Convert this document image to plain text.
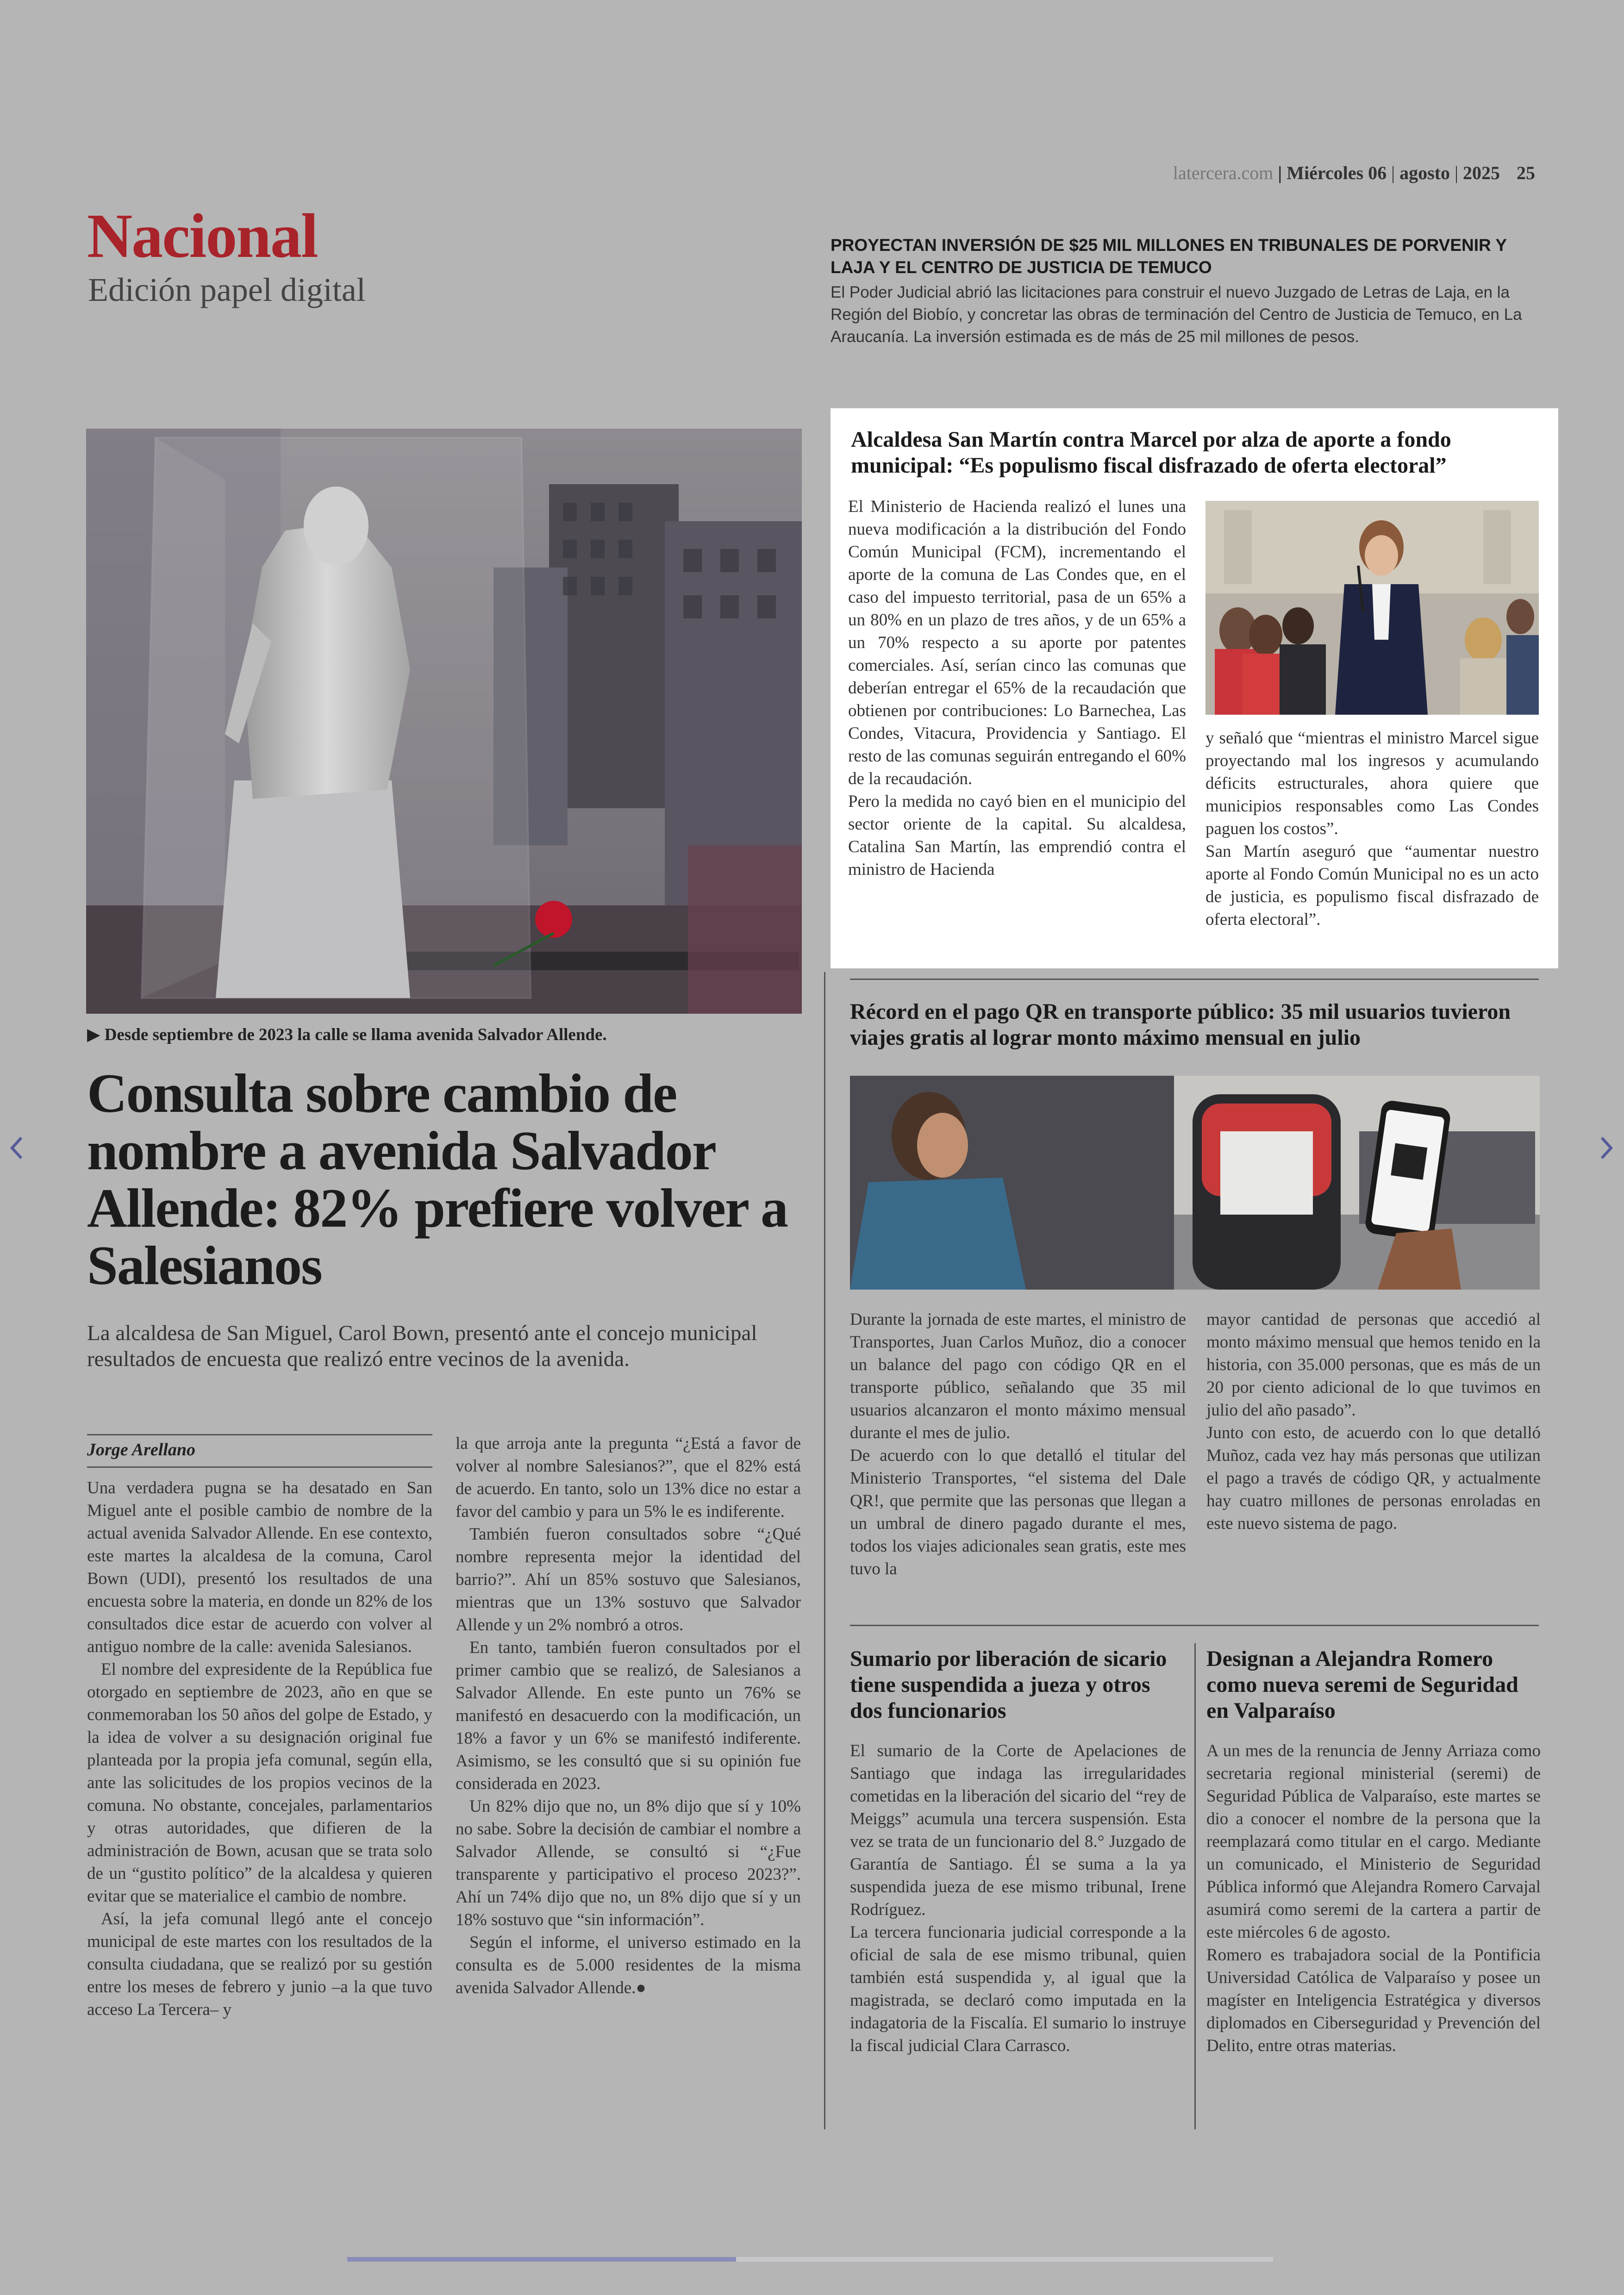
latercera.com | Miércoles 06 | agosto | 2025 25
Nacional
Edición papel digital
PROYECTAN INVERSIÓN DE $25 MIL MILLONES EN TRIBUNALES DE PORVENIR Y LAJA Y EL CENTRO DE JUSTICIA DE TEMUCO
El Poder Judicial abrió las licitaciones para construir el nuevo Juzgado de Letras de Laja, en la Región del Biobío, y concretar las obras de terminación del Centro de Justicia de Temuco, en La Araucanía. La inversión estimada es de más de 25 mil millones de pesos.
▶ Desde septiembre de 2023 la calle se llama avenida Salvador Allende.
Consulta sobre cambio de nombre a avenida Salvador Allende: 82% prefiere volver a Salesianos
La alcaldesa de San Miguel, Carol Bown, presentó ante el concejo municipal resultados de encuesta que realizó entre vecinos de la avenida.
Jorge Arellano

Una verdadera pugna se ha desatado en San Miguel ante el posible cambio de nombre de la actual avenida Salvador Allende. En ese contexto, este martes la alcaldesa de la comuna, Carol Bown (UDI), presentó los resultados de una encuesta sobre la materia, en donde un 82% de los consultados dice estar de acuerdo con volver al antiguo nombre de la calle: avenida Salesianos.

El nombre del expresidente de la República fue otorgado en septiembre de 2023, año en que se conmemoraban los 50 años del golpe de Estado, y la idea de volver a su designación original fue planteada por la propia jefa comunal, según ella, ante las solicitudes de los propios vecinos de la comuna. No obstante, concejales, parlamentarios y otras autoridades, que difieren de la administración de Bown, acusan que se trata solo de un “gustito político” de la alcaldesa y quieren evitar que se materialice el cambio de nombre.

Así, la jefa comunal llegó ante el concejo municipal de este martes con los resultados de la consulta ciudadana, que se realizó por su gestión entre los meses de febrero y junio –a la que tuvo acceso La Tercera– y

la que arroja ante la pregunta “¿Está a favor de volver al nombre Salesianos?”, que el 82% está de acuerdo. En tanto, solo un 13% dice no estar a favor del cambio y para un 5% le es indiferente.

También fueron consultados sobre “¿Qué nombre representa mejor la identidad del barrio?”. Ahí un 85% sostuvo que Salesianos, mientras que un 13% sostuvo que Salvador Allende y un 2% nombró a otros.

En tanto, también fueron consultados por el primer cambio que se realizó, de Salesianos a Salvador Allende. En este punto un 76% se manifestó en desacuerdo con la modificación, un 18% a favor y un 6% se manifestó indiferente. Asimismo, se les consultó que si su opinión fue considerada en 2023.

Un 82% dijo que no, un 8% dijo que sí y 10% no sabe. Sobre la decisión de cambiar el nombre a Salvador Allende, se consultó si “¿Fue transparente y participativo el proceso 2023?”. Ahí un 74% dijo que no, un 8% dijo que sí y un 18% sostuvo que “sin información”.

Según el informe, el universo estimado en la consulta es de 5.000 residentes de la misma avenida Salvador Allende.●

Alcaldesa San Martín contra Marcel por alza de aporte a fondo municipal: “Es populismo fiscal disfrazado de oferta electoral”

El Ministerio de Hacienda realizó el lunes una nueva modificación a la distribución del Fondo Común Municipal (FCM), incrementando el aporte de la comuna de Las Condes que, en el caso del impuesto territorial, pasa de un 65% a un 80% en un plazo de tres años, y de un 65% a un 70% respecto a su aporte por patentes comerciales. Así, serían cinco las comunas que deberían entregar el 65% de la recaudación que obtienen por contribuciones: Lo Barnechea, Las Condes, Vitacura, Providencia y Santiago. El resto de las comunas seguirán entregando el 60% de la recaudación.

Pero la medida no cayó bien en el municipio del sector oriente de la capital. Su alcaldesa, Catalina San Martín, las emprendió contra el ministro de Hacienda

y señaló que “mientras el ministro Marcel sigue proyectando mal los ingresos y acumulando déficits estructurales, ahora quiere que municipios responsables como Las Condes paguen los costos”.

San Martín aseguró que “aumentar nuestro aporte al Fondo Común Municipal no es un acto de justicia, es populismo fiscal disfrazado de oferta electoral”.

Récord en el pago QR en transporte público: 35 mil usuarios tuvieron viajes gratis al lograr monto máximo mensual en julio

Durante la jornada de este martes, el ministro de Transportes, Juan Carlos Muñoz, dio a conocer un balance del pago con código QR en el transporte público, señalando que 35 mil usuarios alcanzaron el monto máximo mensual durante el mes de julio.

De acuerdo con lo que detalló el titular del Ministerio Transportes, “el sistema del Dale QR!, que permite que las personas que llegan a un umbral de dinero pagado durante el mes, todos los viajes adicionales sean gratis, este mes tuvo la

mayor cantidad de personas que accedió al monto máximo mensual que hemos tenido en la historia, con 35.000 personas, que es más de un 20 por ciento adicional de lo que tuvimos en julio del año pasado”.

Junto con esto, de acuerdo con lo que detalló Muñoz, cada vez hay más personas que utilizan el pago a través de código QR, y actualmente hay cuatro millones de personas enroladas en este nuevo sistema de pago.

Sumario por liberación de sicario tiene suspendida a jueza y otros dos funcionarios

El sumario de la Corte de Apelaciones de Santiago que indaga las irregularidades cometidas en la liberación del sicario del “rey de Meiggs” acumula una tercera suspensión. Esta vez se trata de un funcionario del 8.° Juzgado de Garantía de Santiago. Él se suma a la ya suspendida jueza de ese mismo tribunal, Irene Rodríguez.

La tercera funcionaria judicial corresponde a la oficial de sala de ese mismo tribunal, quien también está suspendida y, al igual que la magistrada, se declaró como imputada en la indagatoria de la Fiscalía. El sumario lo instruye la fiscal judicial Clara Carrasco.

Designan a Alejandra Romero como nueva seremi de Seguridad en Valparaíso

A un mes de la renuncia de Jenny Arriaza como secretaria regional ministerial (seremi) de Seguridad Pública de Valparaíso, este martes se dio a conocer el nombre de la persona que la reemplazará como titular en el cargo. Mediante un comunicado, el Ministerio de Seguridad Pública informó que Alejandra Romero Carvajal asumirá como seremi de la cartera a partir de este miércoles 6 de agosto.

Romero es trabajadora social de la Pontificia Universidad Católica de Valparaíso y posee un magíster en Inteligencia Estratégica y diversos diplomados en Ciberseguridad y Prevención del Delito, entre otras materias.
